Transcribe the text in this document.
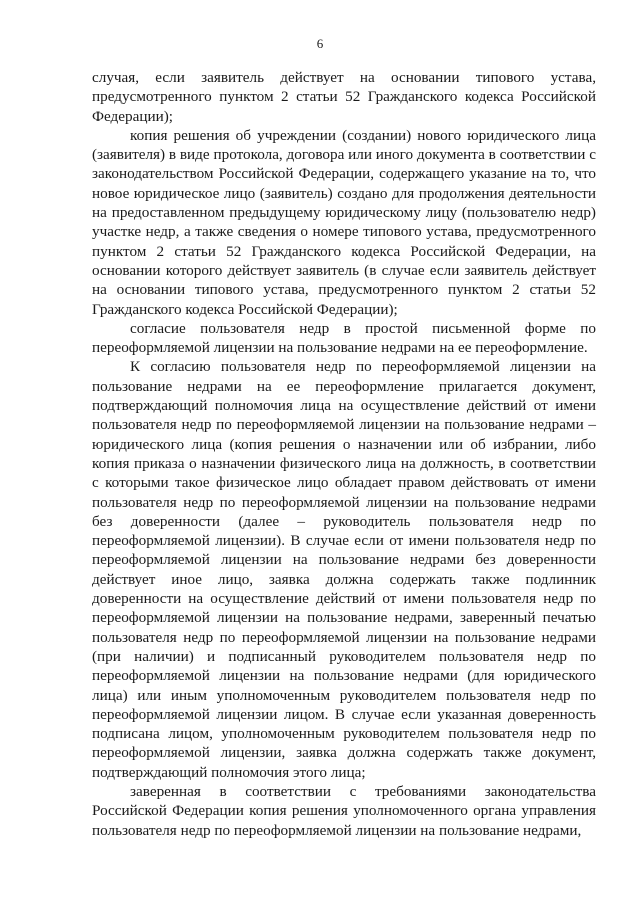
6

случая, если заявитель действует на основании типового устава, предусмотренного пунктом 2 статьи 52 Гражданского кодекса Российской Федерации);

копия решения об учреждении (создании) нового юридического лица (заявителя) в виде протокола, договора или иного документа в соответствии с законодательством Российской Федерации, содержащего указание на то, что новое юридическое лицо (заявитель) создано для продолжения деятельности на предоставленном предыдущему юридическому лицу (пользователю недр) участке недр, а также сведения о номере типового устава, предусмотренного пунктом 2 статьи 52 Гражданского кодекса Российской Федерации, на основании которого действует заявитель (в случае если заявитель действует на основании типового устава, предусмотренного пунктом 2 статьи 52 Гражданского кодекса Российской Федерации);

согласие пользователя недр в простой письменной форме по переоформляемой лицензии на пользование недрами на ее переоформление.

К согласию пользователя недр по переоформляемой лицензии на пользование недрами на ее переоформление прилагается документ, подтверждающий полномочия лица на осуществление действий от имени пользователя недр по переоформляемой лицензии на пользование недрами – юридического лица (копия решения о назначении или об избрании, либо копия приказа о назначении физического лица на должность, в соответствии с которыми такое физическое лицо обладает правом действовать от имени пользователя недр по переоформляемой лицензии на пользование недрами без доверенности (далее – руководитель пользователя недр по переоформляемой лицензии). В случае если от имени пользователя недр по переоформляемой лицензии на пользование недрами без доверенности действует иное лицо, заявка должна содержать также подлинник доверенности на осуществление действий от имени пользователя недр по переоформляемой лицензии на пользование недрами, заверенный печатью пользователя недр по переоформляемой лицензии на пользование недрами (при наличии) и подписанный руководителем пользователя недр по переоформляемой лицензии на пользование недрами (для юридического лица) или иным уполномоченным руководителем пользователя недр по переоформляемой лицензии лицом. В случае если указанная доверенность подписана лицом, уполномоченным руководителем пользователя недр по переоформляемой лицензии, заявка должна содержать также документ, подтверждающий полномочия этого лица;

заверенная в соответствии с требованиями законодательства Российской Федерации копия решения уполномоченного органа управления пользователя недр по переоформляемой лицензии на пользование недрами,
